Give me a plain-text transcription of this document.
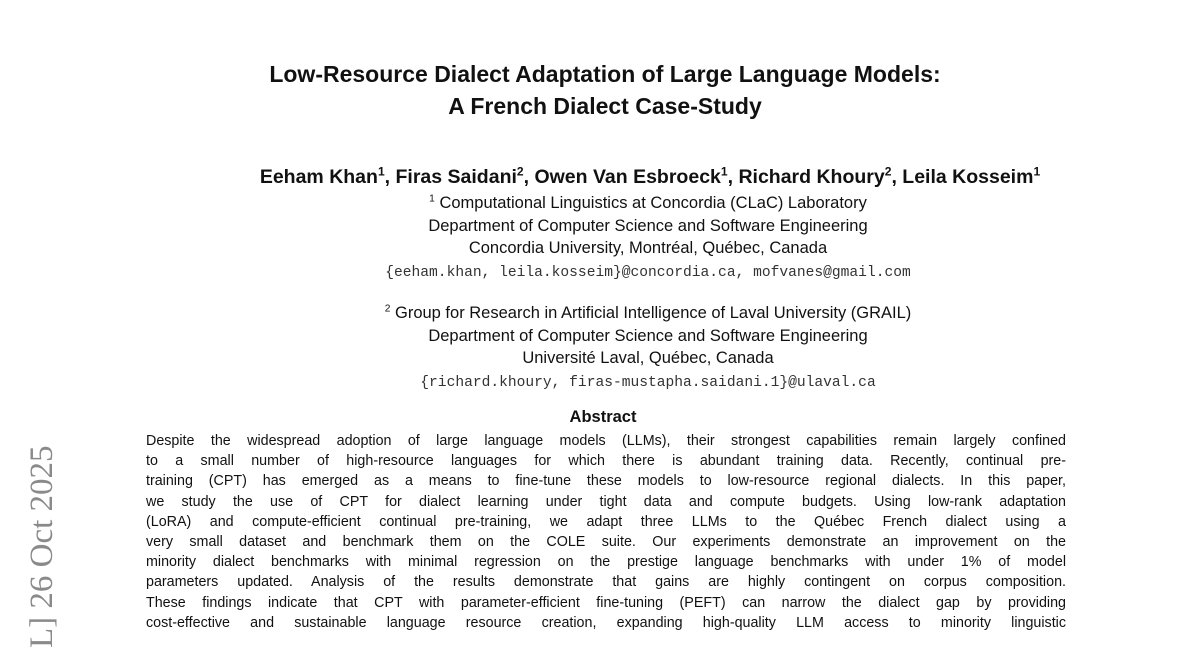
Low-Resource Dialect Adaptation of Large Language Models:
A French Dialect Case-Study
Eeham Khan$^1$, Firas Saidani$^2$, Owen Van Esbroeck$^1$, Richard Khoury$^2$, Leila Kosseim$^1$
$^1$ Computational Linguistics at Concordia (CLaC) Laboratory
Department of Computer Science and Software Engineering
Concordia University, Montréal, Québec, Canada
{eeham.khan, leila.kosseim}@concordia.ca, mofvanes@gmail.com
$^2$ Group for Research in Artificial Intelligence of Laval University (GRAIL)
Department of Computer Science and Software Engineering
Université Laval, Québec, Canada
{richard.khoury, firas-mustapha.saidani.1}@ulaval.ca
Abstract
Despite the widespread adoption of large language models (LLMs), their strongest capabilities remain largely confined
to a small number of high-resource languages for which there is abundant training data. Recently, continual pre-
training (CPT) has emerged as a means to fine-tune these models to low-resource regional dialects. In this paper,
we study the use of CPT for dialect learning under tight data and compute budgets. Using low-rank adaptation
(LoRA) and compute-efficient continual pre-training, we adapt three LLMs to the Québec French dialect using a
very small dataset and benchmark them on the COLE suite. Our experiments demonstrate an improvement on the
minority dialect benchmarks with minimal regression on the prestige language benchmarks with under 1% of model
parameters updated. Analysis of the results demonstrate that gains are highly contingent on corpus composition.
These findings indicate that CPT with parameter-efficient fine-tuning (PEFT) can narrow the dialect gap by providing
cost-effective and sustainable language resource creation, expanding high-quality LLM access to minority linguistic
L] 26 Oct 2025
